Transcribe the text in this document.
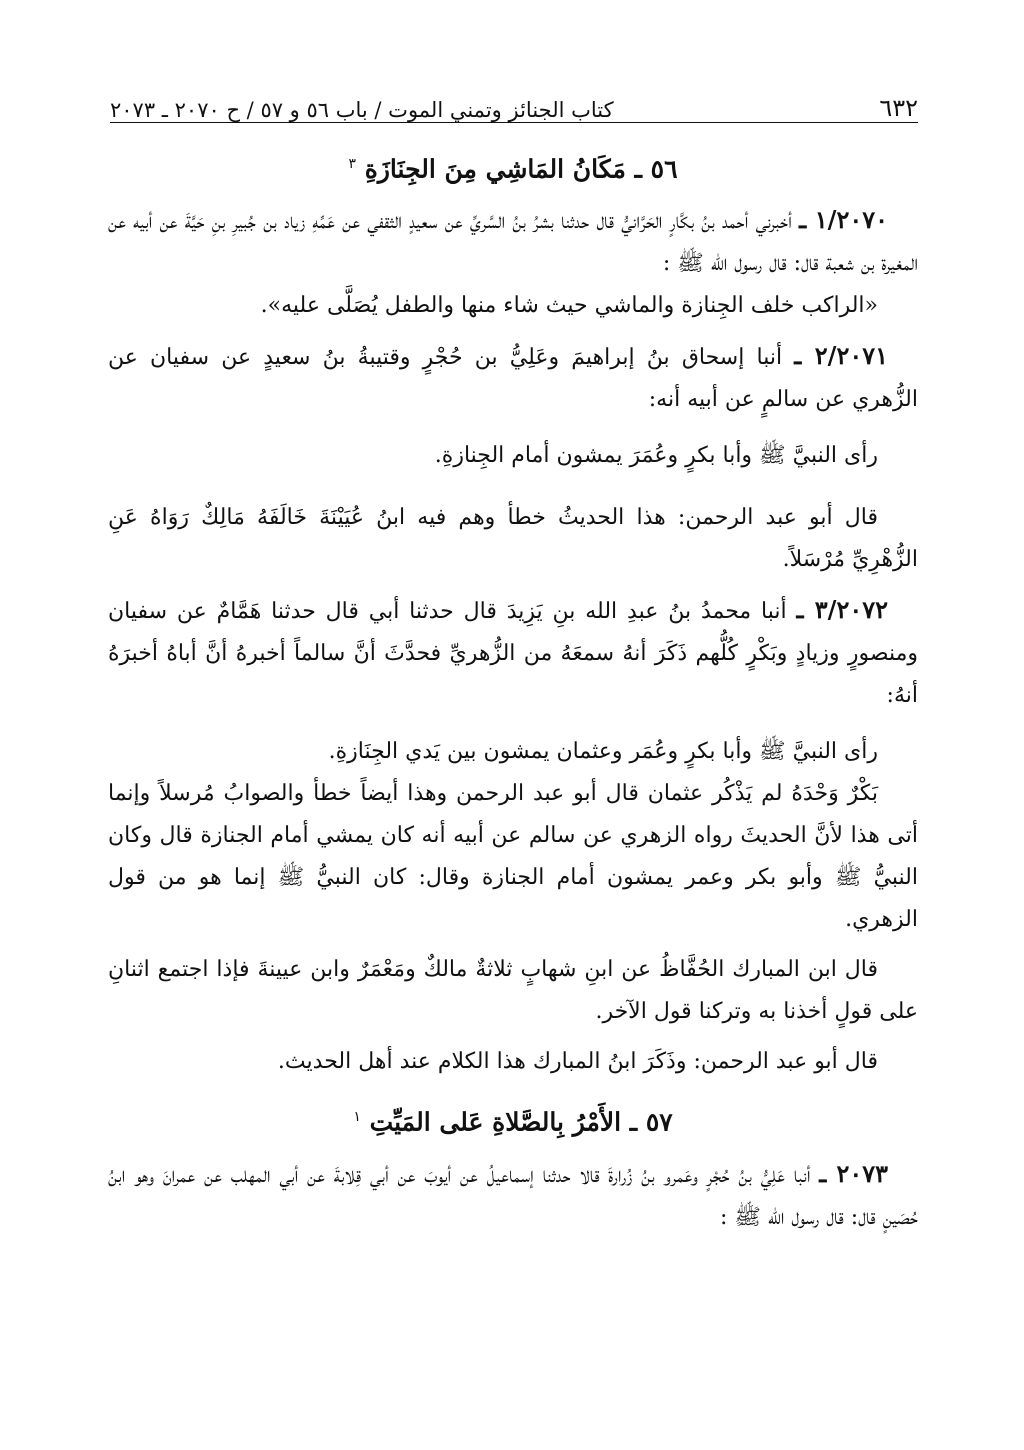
٦٣٢
كتاب الجنائز وتمني الموت / باب ٥٦ و ٥٧ / ح ٢٠٧٠ ـ ٢٠٧٣
٥٦ ـ مَكَانُ المَاشِي مِنَ الجِنَازَةِ $^٣$

١/٢٠٧٠ ـ أخبرني أحمد بنُ بكَّارٍ الحَرَّانيُّ قال حدثنا بشرُ بنُ السَّريِّ عن سعيدٍ الثقفي عن عَمِّهِ زياد بن جُبيرِ بنِ حَيَّةَ عن أبيه عن المغيرة بن شعبة قال: قال رسول الله ﷺ :

«الراكب خلف الجِنازة والماشي حيث شاء منها والطفل يُصَلَّى عليه».

٢/٢٠٧١ ـ أنبا إسحاق بنُ إبراهيمَ وعَلِيُّ بن حُجْرٍ وقتيبةُ بنُ سعيدٍ عن سفيان عن الزُّهري عن سالمٍ عن أبيه أنه:

رأى النبيَّ ﷺ وأبا بكرٍ وعُمَرَ يمشون أمام الجِنازةِ.

قال أبو عبد الرحمن: هذا الحديثُ خطأ وهم فيه ابنُ عُيَيْنَةَ خَالَفَهُ مَالِكٌ رَوَاهُ عَنِ الزُّهْرِيِّ مُرْسَلاً.

٣/٢٠٧٢ ـ أنبا محمدُ بنُ عبدِ الله بنِ يَزِيدَ قال حدثنا أبي قال حدثنا هَمَّامٌ عن سفيان ومنصورٍ وزيادٍ وبَكْرٍ كُلُّهم ذَكَرَ أنهُ سمعَهُ من الزُّهريِّ فحدَّثَ أنَّ سالماً أخبرهُ أنَّ أباهُ أخبرَهُ أنهُ:

رأى النبيَّ ﷺ وأبا بكرٍ وعُمَر وعثمان يمشون بين يَدي الجِنَازةِ.

بَكْرٌ وَحْدَهُ لم يَذْكُر عثمان قال أبو عبد الرحمن وهذا أيضاً خطأ والصوابُ مُرسلاً وإنما أتى هذا لأنَّ الحديثَ رواه الزهري عن سالم عن أبيه أنه كان يمشي أمام الجنازة قال وكان النبيُّ ﷺ وأبو بكر وعمر يمشون أمام الجنازة وقال: كان النبيُّ ﷺ إنما هو من قول الزهري.

قال ابن المبارك الحُفَّاظُ عن ابنِ شهابٍ ثلاثةٌ مالكٌ ومَعْمَرٌ وابن عيينةَ فإذا اجتمع اثنانِ على قولٍ أخذنا به وتركنا قول الآخر.

قال أبو عبد الرحمن: وذَكَرَ ابنُ المبارك هذا الكلام عند أهل الحديث.

٥٧ ـ الأَمْرُ بِالصَّلاةِ عَلى المَيِّتِ $^١$

٢٠٧٣ ـ أنبا عَلِيُّ بنُ حُجْرٍ وعَمرو بنُ زُرارةَ قالا حدثنا إسماعيلُ عن أيوبَ عن أبي قِلابةَ عن أبي المهلب عن عمرانَ وهو ابنُ حُصَينٍ قال: قال رسول الله ﷺ :
